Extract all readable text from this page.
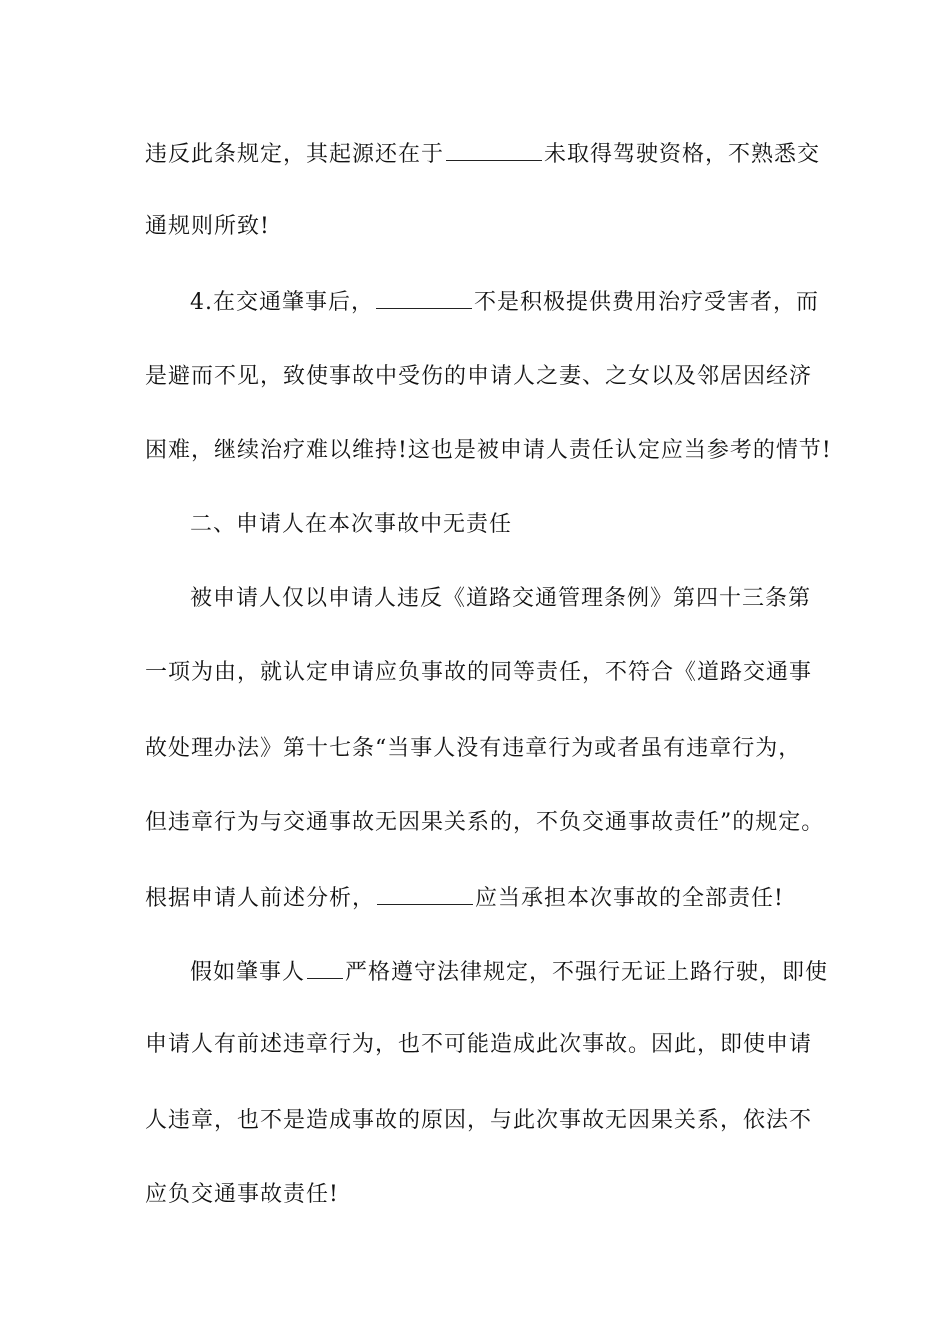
违反此条规定，其起源还在于	未取得驾驶资格，不熟悉交
通规则所致!
4.在交通肇事后，	不是积极提供费用治疗受害者，而
是避而不见，致使事故中受伤的申请人之妻、之女以及邻居因经济
困难，继续治疗难以维持!这也是被申请人责任认定应当参考的情节!
二、申请人在本次事故中无责任
被申请人仅以申请人违反《道路交通管理条例》第四十三条第
一项为由，就认定申请应负事故的同等责任，不符合《道路交通事
故处理办法》第十七条“当事人没有违章行为或者虽有违章行为，
但违章行为与交通事故无因果关系的，不负交通事故责任”的规定。
根据申请人前述分析，	应当承担本次事故的全部责任!
假如肇事人 严格遵守法律规定，不强行无证上路行驶，即使
申请人有前述违章行为，也不可能造成此次事故。因此，即使申请
人违章，也不是造成事故的原因，与此次事故无因果关系，依法不
应负交通事故责任!
